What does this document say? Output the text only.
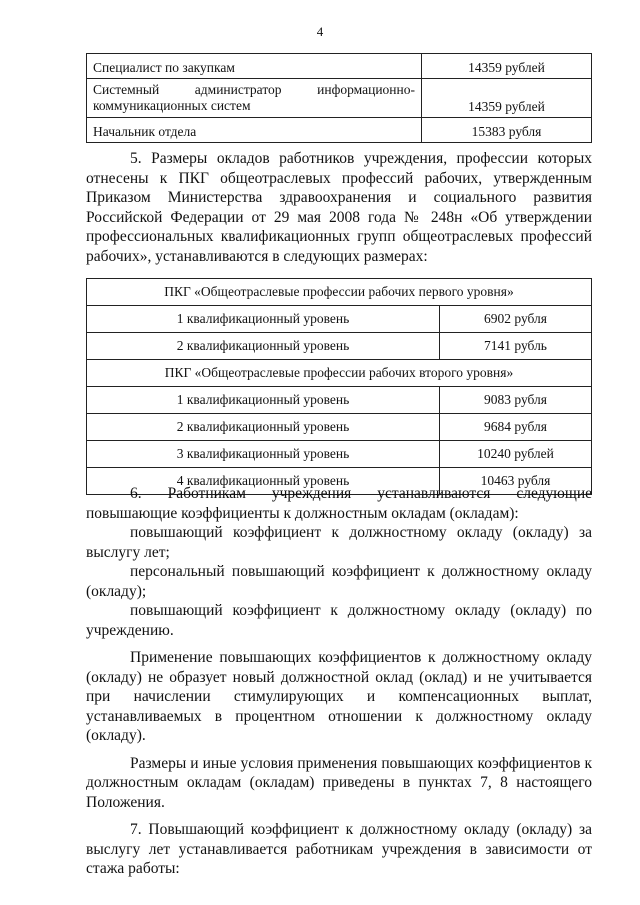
4
Специалист по закупкам	14359 рублей

Системный администратор информационно-коммуникационных систем	14359 рублей
Начальник отдела	15383 рубля

5. Размеры окладов работников учреждения, профессии которых отнесены к ПКГ общеотраслевых профессий рабочих, утвержденным Приказом Министерства здравоохранения и социального развития Российской Федерации от 29 мая 2008 года № 248н «Об утверждении профессиональных квалификационных групп общеотраслевых профессий рабочих», устанавливаются в следующих размерах:

ПКГ «Общеотраслевые профессии рабочих первого уровня»	
1 квалификационный уровень	6902 рубля
2 квалификационный уровень	7141 рубль
ПКГ «Общеотраслевые профессии рабочих второго уровня»	
1 квалификационный уровень	9083 рубля
2 квалификационный уровень	9684 рубля
3 квалификационный уровень	10240 рублей
4 квалификационный уровень	10463 рубля

6. Работникам учреждения устанавливаются следующие повышающие коэффициенты к должностным окладам (окладам):

повышающий коэффициент к должностному окладу (окладу) за выслугу лет;

персональный повышающий коэффициент к должностному окладу (окладу);

повышающий коэффициент к должностному окладу (окладу) по учреждению.

Применение повышающих коэффициентов к должностному окладу (окладу) не образует новый должностной оклад (оклад) и не учитывается при начислении стимулирующих и компенсационных выплат, устанавливаемых в процентном отношении к должностному окладу (окладу).

Размеры и иные условия применения повышающих коэффициентов к должностным окладам (окладам) приведены в пунктах 7, 8 настоящего Положения.

7. Повышающий коэффициент к должностному окладу (окладу) за выслугу лет устанавливается работникам учреждения в зависимости от стажа работы:
